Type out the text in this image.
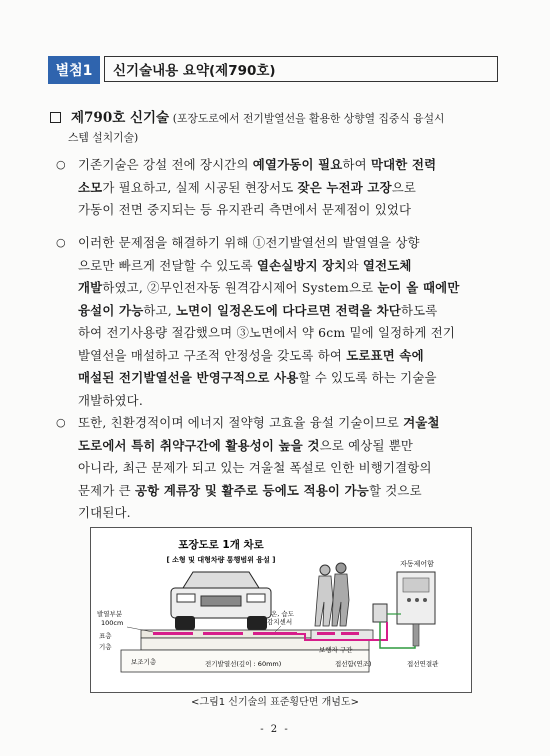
별첨1	신기술내용 요약(제790호)
제790호 신기술 (포장도로에서 전기발열선을 활용한 상향열 집중식 융설시
스템 설치기술)
○ 기존기술은 강설 전에 장시간의 예열가동이 필요하여 막대한 전력
소모가 필요하고, 실제 시공된 현장서도 잦은 누전과 고장으로
가동이 전면 중지되는 등 유지관리 측면에서 문제점이 있었다
○ 이러한 문제점을 해결하기 위해 ①전기발열선의 발열열을 상향
으로만 빠르게 전달할 수 있도록 열손실방지 장치와 열전도체
개발하였고, ②무인전자동 원격감시제어 System으로 눈이 올 때에만
융설이 가능하고, 노면이 일정온도에 다다르면 전력을 차단하도록
하여 전기사용량 절감했으며 ③노면에서 약 6cm 밑에 일정하게 전기
발열선을 매설하고 구조적 안정성을 갖도록 하여 도로표면 속에
매설된 전기발열선을 반영구적으로 사용할 수 있도록 하는 기술을
개발하였다.
○ 또한, 친환경적이며 에너지 절약형 고효율 융설 기술이므로 겨울철
도로에서 특히 취약구간에 활용성이 높을 것으로 예상될 뿐만
아니라, 최근 문제가 되고 있는 겨울철 폭설로 인한 비행기결항의
문제가 큰 공항 계류장 및 활주로 등에도 적용이 가능할 것으로
기대된다.
포장도로 1개 차로
[ 소형 및 대형차량 통행범위 융설 ]	자동제어함
발열부분
100cm
온, 습도
감지센서
표층
기층
보조기층	전기발열선(깊이 : 60mm)
보행자 구간
접선함(연조)	접선연결관
<그림1 신기술의 표준횡단면 개념도>
- 2 -
